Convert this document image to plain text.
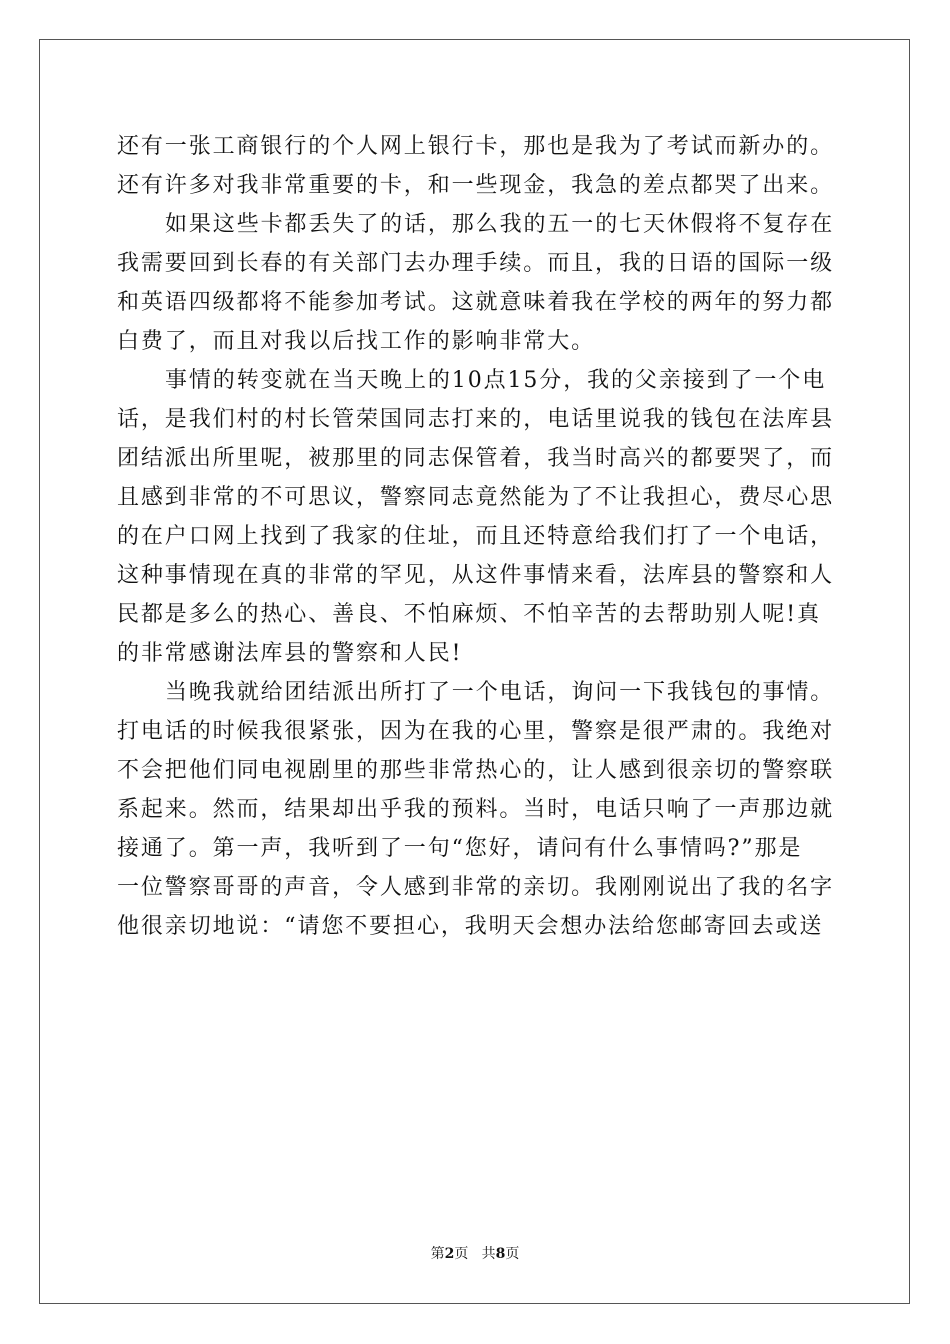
还有一张工商银行的个人网上银行卡，那也是我为了考试而新办的。
还有许多对我非常重要的卡，和一些现金，我急的差点都哭了出来。
如果这些卡都丢失了的话，那么我的五一的七天休假将不复存在
我需要回到长春的有关部门去办理手续。而且，我的日语的国际一级
和英语四级都将不能参加考试。这就意味着我在学校的两年的努力都
白费了，而且对我以后找工作的影响非常大。
事情的转变就在当天晚上的10点15分，我的父亲接到了一个电
话，是我们村的村长管荣国同志打来的，电话里说我的钱包在法库县
团结派出所里呢，被那里的同志保管着，我当时高兴的都要哭了，而
且感到非常的不可思议，警察同志竟然能为了不让我担心，费尽心思
的在户口网上找到了我家的住址，而且还特意给我们打了一个电话，
这种事情现在真的非常的罕见，从这件事情来看，法库县的警察和人
民都是多么的热心、善良、不怕麻烦、不怕辛苦的去帮助别人呢!真
的非常感谢法库县的警察和人民!
当晚我就给团结派出所打了一个电话，询问一下我钱包的事情。
打电话的时候我很紧张，因为在我的心里，警察是很严肃的。我绝对
不会把他们同电视剧里的那些非常热心的，让人感到很亲切的警察联
系起来。然而，结果却出乎我的预料。当时，电话只响了一声那边就
接通了。第一声，我听到了一句“您好，请问有什么事情吗?”那是
一位警察哥哥的声音，令人感到非常的亲切。我刚刚说出了我的名字
他很亲切地说：“请您不要担心，我明天会想办法给您邮寄回去或送
第2页 共8页
